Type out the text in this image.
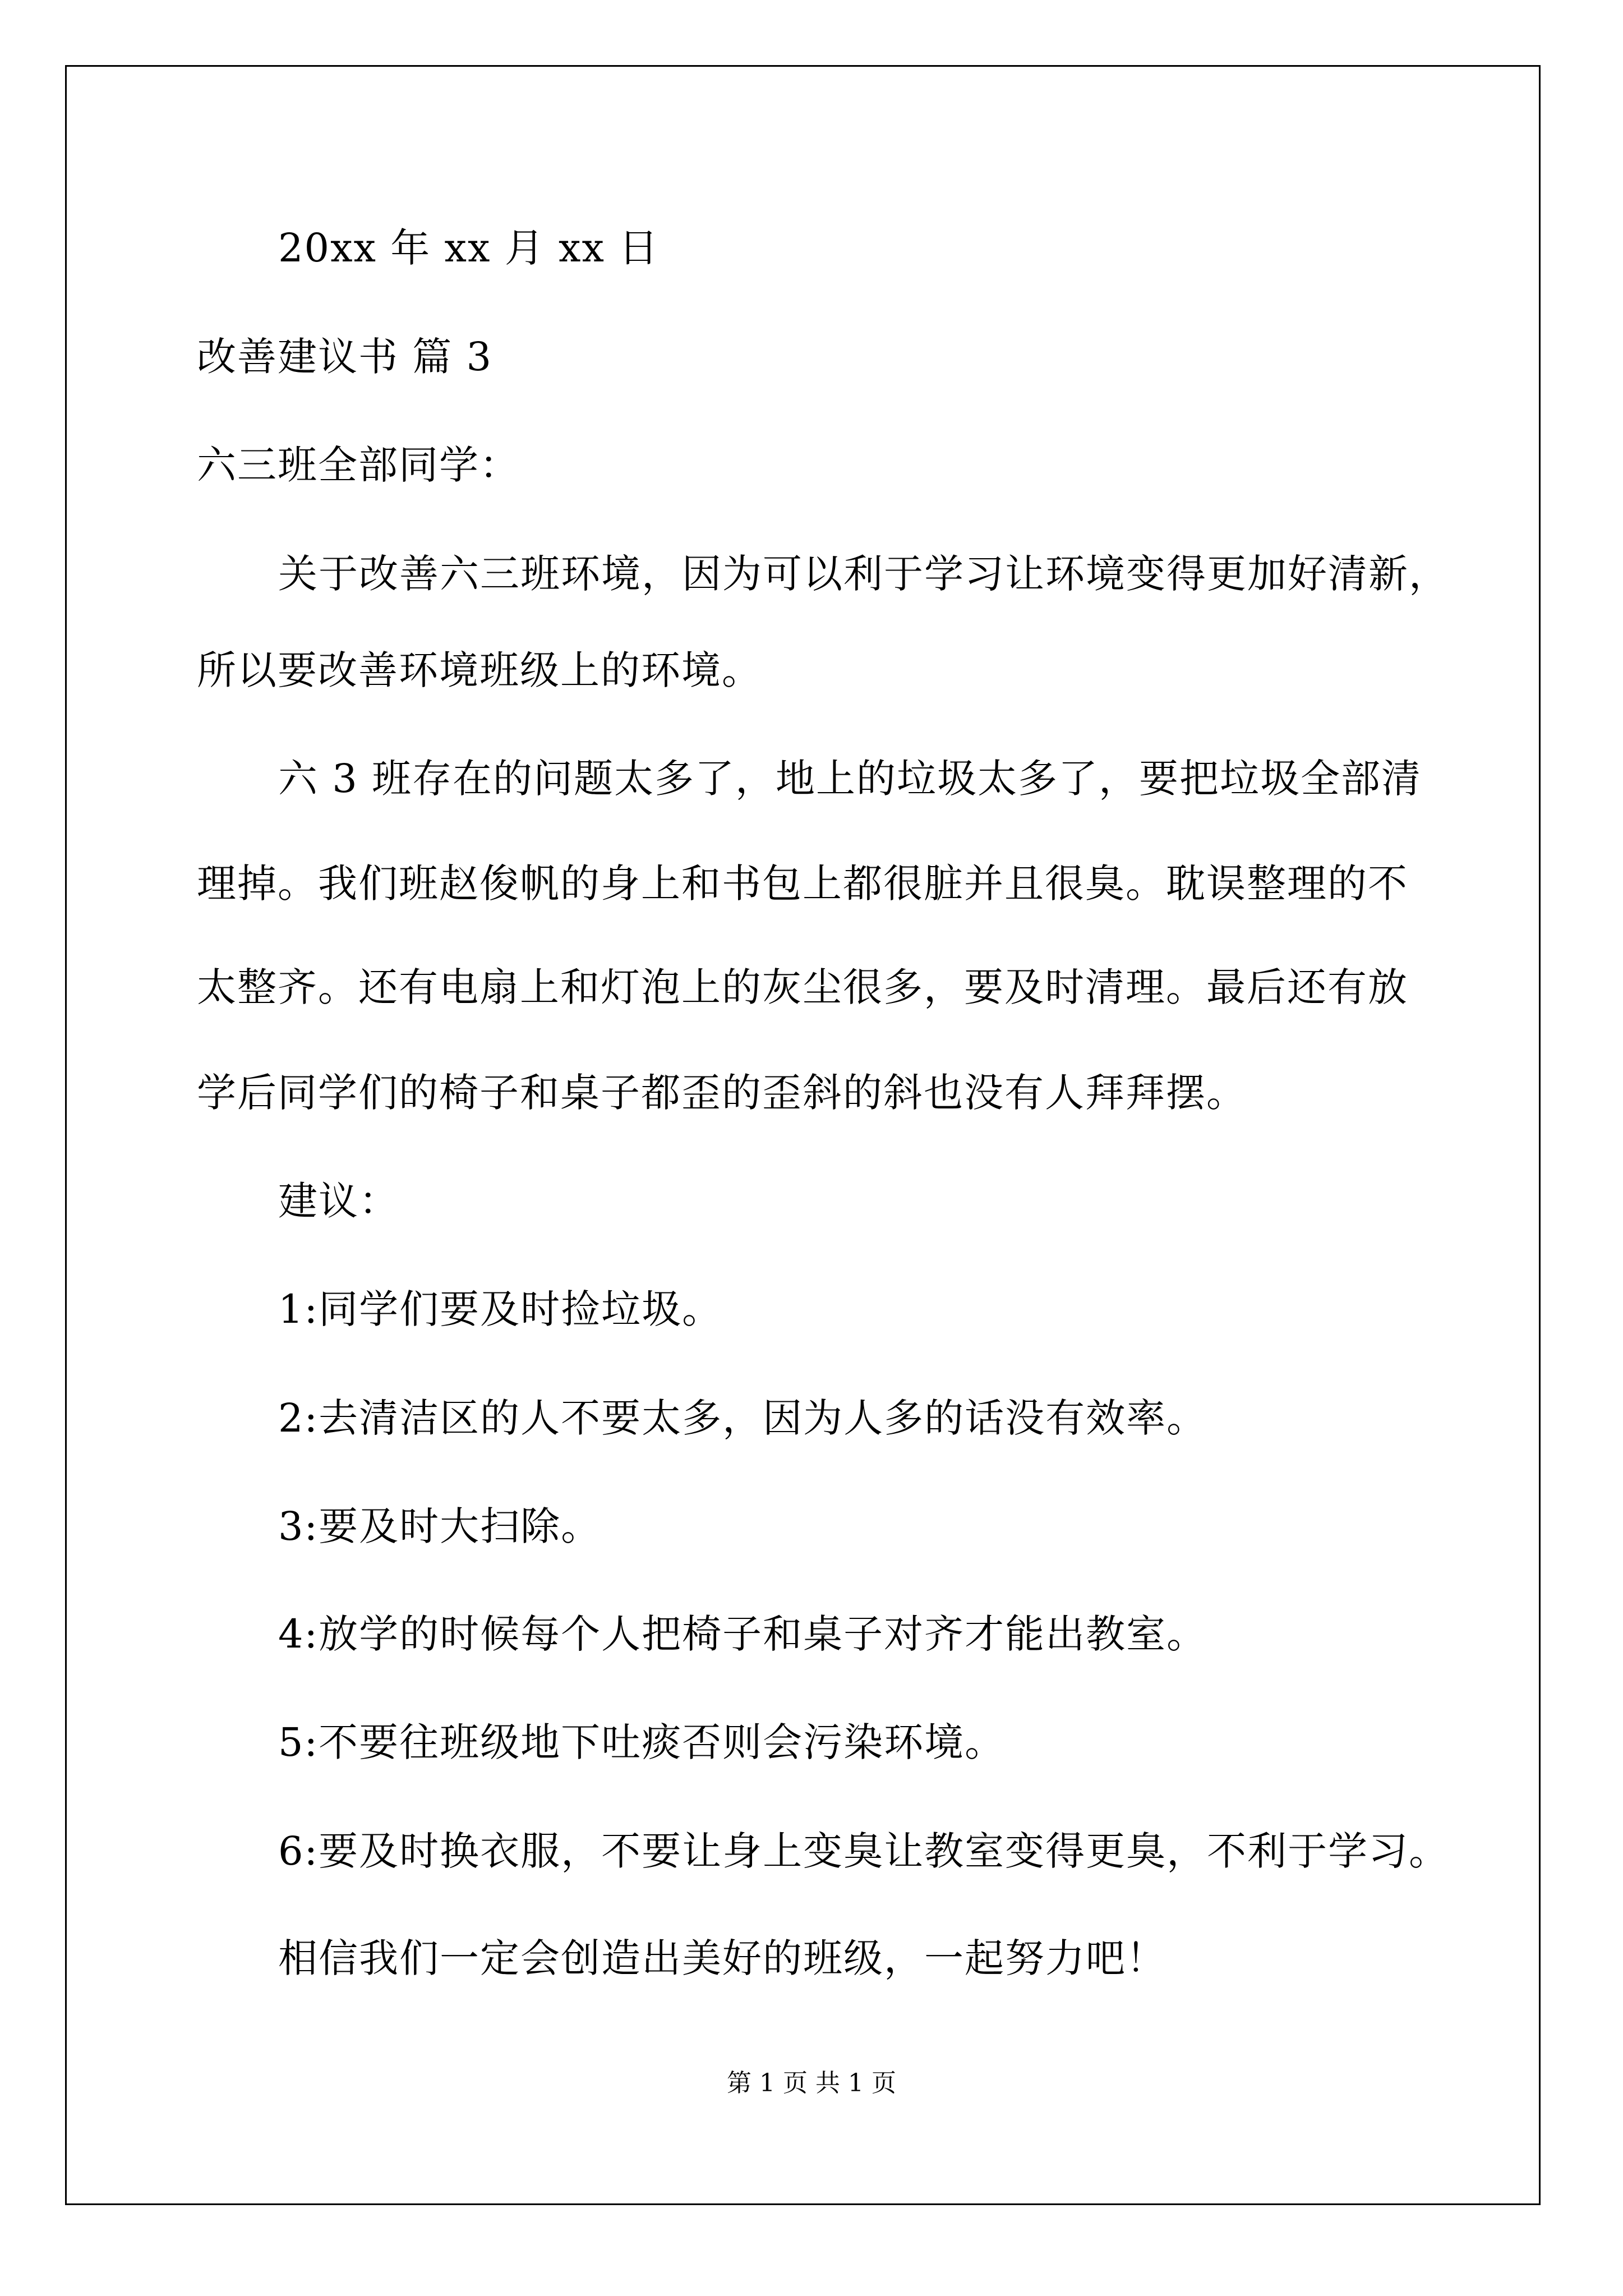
20xx 年 xx 月 xx 日

改善建议书 篇 3

六三班全部同学：

关于改善六三班环境，因为可以利于学习让环境变得更加好清新，

所以要改善环境班级上的环境。

六 3 班存在的问题太多了，地上的垃圾太多了，要把垃圾全部清

理掉。我们班赵俊帆的身上和书包上都很脏并且很臭。耽误整理的不

太整齐。还有电扇上和灯泡上的灰尘很多，要及时清理。最后还有放

学后同学们的椅子和桌子都歪的歪斜的斜也没有人拜拜摆。

建议：

1:同学们要及时捡垃圾。

2:去清洁区的人不要太多，因为人多的话没有效率。

3:要及时大扫除。

4:放学的时候每个人把椅子和桌子对齐才能出教室。

5:不要往班级地下吐痰否则会污染环境。

6:要及时换衣服，不要让身上变臭让教室变得更臭，不利于学习。

相信我们一定会创造出美好的班级，一起努力吧！

第 1 页 共 1 页
